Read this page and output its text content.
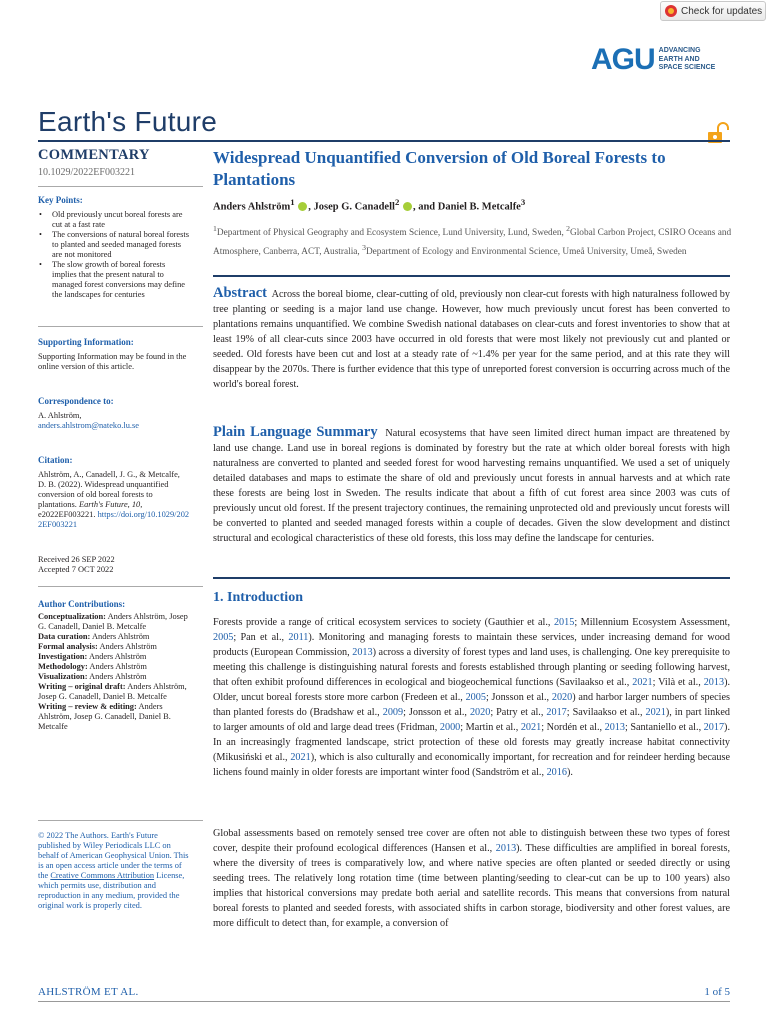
Check for updates
AGU ADVANCING
EARTH AND
SPACE SCIENCE
Earth's Future
COMMENTARY
10.1029/2022EF003221
Key Points:
• Old previously uncut boreal forests are cut at a fast rate
• The conversions of natural boreal forests to planted and seeded managed forests are not monitored
• The slow growth of boreal forests implies that the present natural to managed forest conversions may define the landscapes for centuries
Supporting Information:
Supporting Information may be found in the online version of this article.
Correspondence to:
A. Ahlström,
anders.ahlstrom@nateko.lu.se
Citation:
Ahlström, A., Canadell, J. G., & Metcalfe, D. B. (2022). Widespread unquantified conversion of old boreal forests to plantations. Earth's Future, 10, e2022EF003221. https://doi.org/10.1029/2022EF003221
Received 26 SEP 2022
Accepted 7 OCT 2022
Author Contributions:
Conceptualization: Anders Ahlström, Josep G. Canadell, Daniel B. Metcalfe
Data curation: Anders Ahlström
Formal analysis: Anders Ahlström
Investigation: Anders Ahlström
Methodology: Anders Ahlström
Visualization: Anders Ahlström
Writing – original draft: Anders Ahlström, Josep G. Canadell, Daniel B. Metcalfe
Writing – review & editing: Anders Ahlström, Josep G. Canadell, Daniel B. Metcalfe
© 2022 The Authors. Earth's Future published by Wiley Periodicals LLC on behalf of American Geophysical Union. This is an open access article under the terms of the Creative Commons Attribution License, which permits use, distribution and reproduction in any medium, provided the original work is properly cited.
Widespread Unquantified Conversion of Old Boreal Forests to Plantations
Anders Ahlström$^1$ , Josep G. Canadell$^2$ , and Daniel B. Metcalfe$^3$
$^1$Department of Physical Geography and Ecosystem Science, Lund University, Lund, Sweden, $^2$Global Carbon Project, CSIRO Oceans and Atmosphere, Canberra, ACT, Australia, $^3$Department of Ecology and Environmental Science, Umeå University, Umeå, Sweden
Abstract Across the boreal biome, clear-cutting of old, previously non clear-cut forests with high naturalness followed by tree planting or seeding is a major land use change. However, how much previously uncut forest has been converted to plantations remains unquantified. We combine Swedish national databases on clear-cuts and forest inventories to show that at least 19% of all clear-cuts since 2003 have occurred in old forests that were most likely not previously cut and planted or seeded. Old forests have been cut and lost at a steady rate of ~1.4% per year for the same period, and at this rate they will disappear by the 2070s. There is further evidence that this type of unreported forest conversion is occurring across much of the world's boreal forest.
Plain Language Summary Natural ecosystems that have seen limited direct human impact are threatened by land use change. Land use in boreal regions is dominated by forestry but the rate at which older boreal forests with high naturalness are converted to planted and seeded forest for wood harvesting remains unquantified. We used a set of uniquely detailed databases and maps to estimate the share of old and previously uncut forests in annual harvests and at which rate these forests are being lost in Sweden. The results indicate that about a fifth of cut forest area since 2003 was cuts of previously uncut old forest. If the present trajectory continues, the remaining unprotected old and previously uncut forests will be converted to planted and seeded managed forests within a couple of decades. Given the slow development and distinct structural and ecological characteristics of these old forests, this loss may define the landscape for centuries.
1. Introduction
Forests provide a range of critical ecosystem services to society (Gauthier et al., 2015; Millennium Ecosystem Assessment, 2005; Pan et al., 2011). Monitoring and managing forests to maintain these services, under increasing demand for wood products (European Commission, 2013) across a diversity of forest types and land uses, is challenging. One key prerequisite to meeting this challenge is distinguishing natural forests and forests established through planting or seeding following harvest, that often exhibit profound differences in ecological and biogeochemical functions (Savilaakso et al., 2021; Vilà et al., 2013). Older, uncut boreal forests store more carbon (Fredeen et al., 2005; Jonsson et al., 2020) and harbor larger numbers of species than planted forests do (Bradshaw et al., 2009; Jonsson et al., 2020; Patry et al., 2017; Savilaakso et al., 2021), in part linked to larger amounts of old and large dead trees (Fridman, 2000; Martin et al., 2021; Nordén et al., 2013; Santaniello et al., 2017). In an increasingly fragmented landscape, strict protection of these old forests may greatly increase habitat connectivity (Mikusiński et al., 2021), which is also culturally and economically important, for recreation and for reindeer herding because lichens found mainly in older forests are important winter food (Sandström et al., 2016).
Global assessments based on remotely sensed tree cover are often not able to distinguish between these two types of forest cover, despite their profound ecological differences (Hansen et al., 2013). These difficulties are amplified in boreal forests, where the diversity of trees is comparatively low, and where native species are often planted or seeded directly or using seeding trees. The relatively long rotation time (time between planting/seeding to clear-cut can be up to 100 years) also implies that historical conversions may predate both aerial and satellite records. This means that conversions from natural boreal forests to planted and seeded forests, with associated shifts in carbon storage, biodiversity and other forest values, are more difficult to detect than, for example, a conversion of
AHLSTRÖM ET AL.	1 of 5
